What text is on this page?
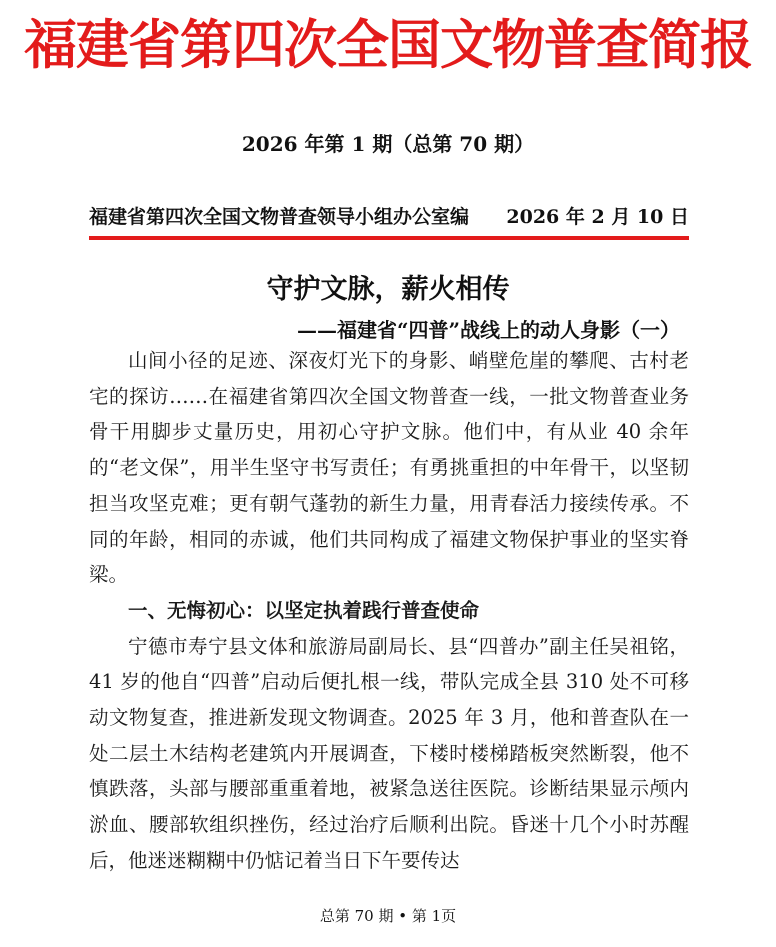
福建省第四次全国文物普查简报
2026 年第 1 期（总第 70 期）
福建省第四次全国文物普查领导小组办公室编 2026 年 2 月 10 日
守护文脉，薪火相传
——福建省“四普”战线上的动人身影（一）

山间小径的足迹、深夜灯光下的身影、峭壁危崖的攀爬、古村老宅的探访……在福建省第四次全国文物普查一线，一批文物普查业务骨干用脚步丈量历史，用初心守护文脉。他们中，有从业 40 余年的“老文保”，用半生坚守书写责任；有勇挑重担的中年骨干，以坚韧担当攻坚克难；更有朝气蓬勃的新生力量，用青春活力接续传承。不同的年龄，相同的赤诚，他们共同构成了福建文物保护事业的坚实脊梁。

一、无悔初心：以坚定执着践行普查使命

宁德市寿宁县文体和旅游局副局长、县“四普办”副主任吴祖铭，41 岁的他自“四普”启动后便扎根一线，带队完成全县 310 处不可移动文物复查，推进新发现文物调查。2025 年 3 月，他和普查队在一处二层土木结构老建筑内开展调查，下楼时楼梯踏板突然断裂，他不慎跌落，头部与腰部重重着地，被紧急送往医院。诊断结果显示颅内淤血、腰部软组织挫伤，经过治疗后顺利出院。昏迷十几个小时苏醒后，他迷迷糊糊中仍惦记着当日下午要传达

总第 70 期 • 第 1页
